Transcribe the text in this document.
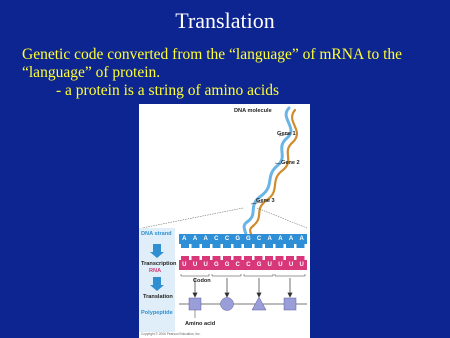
Translation
Genetic code converted from the “language” of mRNA to the
“language” of protein.
- a protein is a string of amino acids
DNA molecule
Gene 1
Gene 2
Gene 3
DNA strand
Transcription
RNA
Translation
Polypeptide
Codon
Amino acid
Copyright © 2006 Pearson Education, Inc.
A	A	A	C	C	G	G	C	A	A	A	A
U	U	U	G	G	C	C	G	U	U	U	U
